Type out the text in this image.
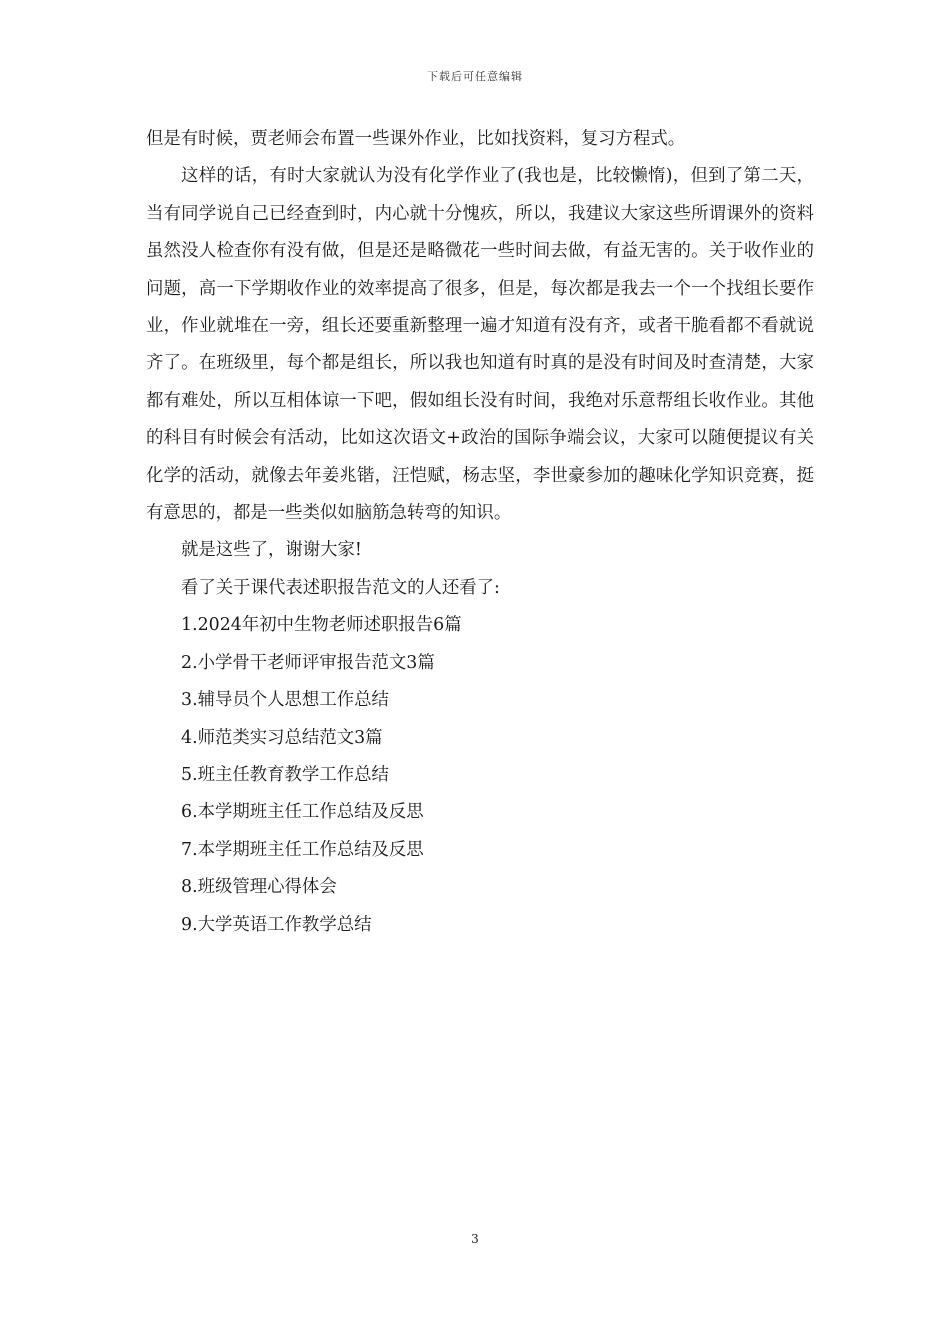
下载后可任意编辑

但是有时候，贾老师会布置一些课外作业，比如找资料，复习方程式。

这样的话，有时大家就认为没有化学作业了(我也是，比较懒惰)，但到了第二天，当有同学说自己已经查到时，内心就十分愧疚，所以，我建议大家这些所谓课外的资料虽然没人检查你有没有做，但是还是略微花一些时间去做，有益无害的。关于收作业的问题，高一下学期收作业的效率提高了很多，但是，每次都是我去一个一个找组长要作业，作业就堆在一旁，组长还要重新整理一遍才知道有没有齐，或者干脆看都不看就说齐了。在班级里，每个都是组长，所以我也知道有时真的是没有时间及时查清楚，大家都有难处，所以互相体谅一下吧，假如组长没有时间，我绝对乐意帮组长收作业。其他的科目有时候会有活动，比如这次语文+政治的国际争端会议，大家可以随便提议有关化学的活动，就像去年姜兆锴，汪恺赋，杨志坚，李世豪参加的趣味化学知识竞赛，挺有意思的，都是一些类似如脑筋急转弯的知识。

就是这些了，谢谢大家!

看了关于课代表述职报告范文的人还看了:

1.2024年初中生物老师述职报告6篇
2.小学骨干老师评审报告范文3篇
3.辅导员个人思想工作总结
4.师范类实习总结范文3篇
5.班主任教育教学工作总结
6.本学期班主任工作总结及反思
7.本学期班主任工作总结及反思
8.班级管理心得体会
9.大学英语工作教学总结
3
